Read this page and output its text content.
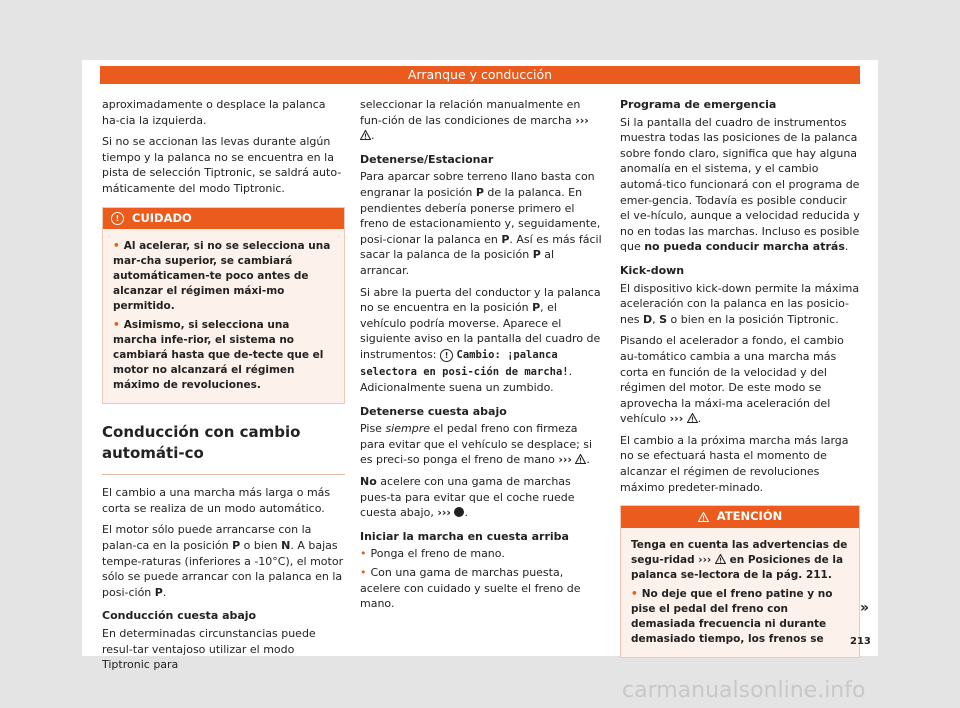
Arranque y conducción

aproximadamente o desplace la palanca ha-cia la izquierda.

Si no se accionan las levas durante algún tiempo y la palanca no se encuentra en la pista de selección Tiptronic, se saldrá auto-máticamente del modo Tiptronic.

!	CUIDADO
• Al acelerar, si no se selecciona una mar-cha superior, se cambiará automáticamen-te poco antes de alcanzar el régimen máxi-mo permitido.
• Asimismo, si selecciona una marcha infe-rior, el sistema no cambiará hasta que de-tecte que el motor no alcanzará el régimen máximo de revoluciones.
Conducción con cambio automáti-co

El cambio a una marcha más larga o más corta se realiza de un modo automático.

El motor sólo puede arrancarse con la palan-ca en la posición P o bien N. A bajas tempe-raturas (inferiores a -10°C), el motor sólo se puede arrancar con la palanca en la posi-ción P.

Conducción cuesta abajo

En determinadas circunstancias puede resul-tar ventajoso utilizar el modo Tiptronic para

seleccionar la relación manualmente en fun-ción de las condiciones de marcha ››› .

Detenerse/Estacionar

Para aparcar sobre terreno llano basta con engranar la posición P de la palanca. En pendientes debería ponerse primero el freno de estacionamiento y, seguidamente, posi-cionar la palanca en P. Así es más fácil sacar la palanca de la posición P al arrancar.

Si abre la puerta del conductor y la palanca no se encuentra en la posición P, el vehículo podría moverse. Aparece el siguiente aviso en la pantalla del cuadro de instrumentos: ! Cambio: ¡palanca selectora en posi-ción de marcha!. Adicionalmente suena un zumbido.

Detenerse cuesta abajo

Pise siempre el pedal freno con firmeza para evitar que el vehículo se desplace; si es preci-so ponga el freno de mano ››› .

No acelere con una gama de marchas pues-ta para evitar que el coche ruede cuesta abajo, ››› .

Iniciar la marcha en cuesta arriba

• Ponga el freno de mano.

• Con una gama de marchas puesta, acelere con cuidado y suelte el freno de mano.

Programa de emergencia

Si la pantalla del cuadro de instrumentos muestra todas las posiciones de la palanca sobre fondo claro, significa que hay alguna anomalía en el sistema, y el cambio automá-tico funcionará con el programa de emer-gencia. Todavía es posible conducir el ve-hículo, aunque a velocidad reducida y no en todas las marchas. Incluso es posible que no pueda conducir marcha atrás.

Kick-down

El dispositivo kick-down permite la máxima aceleración con la palanca en las posicio-nes D, S o bien en la posición Tiptronic.

Pisando el acelerador a fondo, el cambio au-tomático cambia a una marcha más corta en función de la velocidad y del régimen del motor. De este modo se aprovecha la máxi-ma aceleración del vehículo ››› .

El cambio a la próxima marcha más larga no se efectuará hasta el momento de alcanzar el régimen de revoluciones máximo predeter-minado.

ATENCIÓN
Tenga en cuenta las advertencias de segu-ridad ›››  en Posiciones de la palanca se-lectora de la pág. 211.
• No deje que el freno patine y no pise el pedal del freno con demasiada frecuencia ni durante demasiado tiempo, los frenos se
»
213
carmanualsonline.info
